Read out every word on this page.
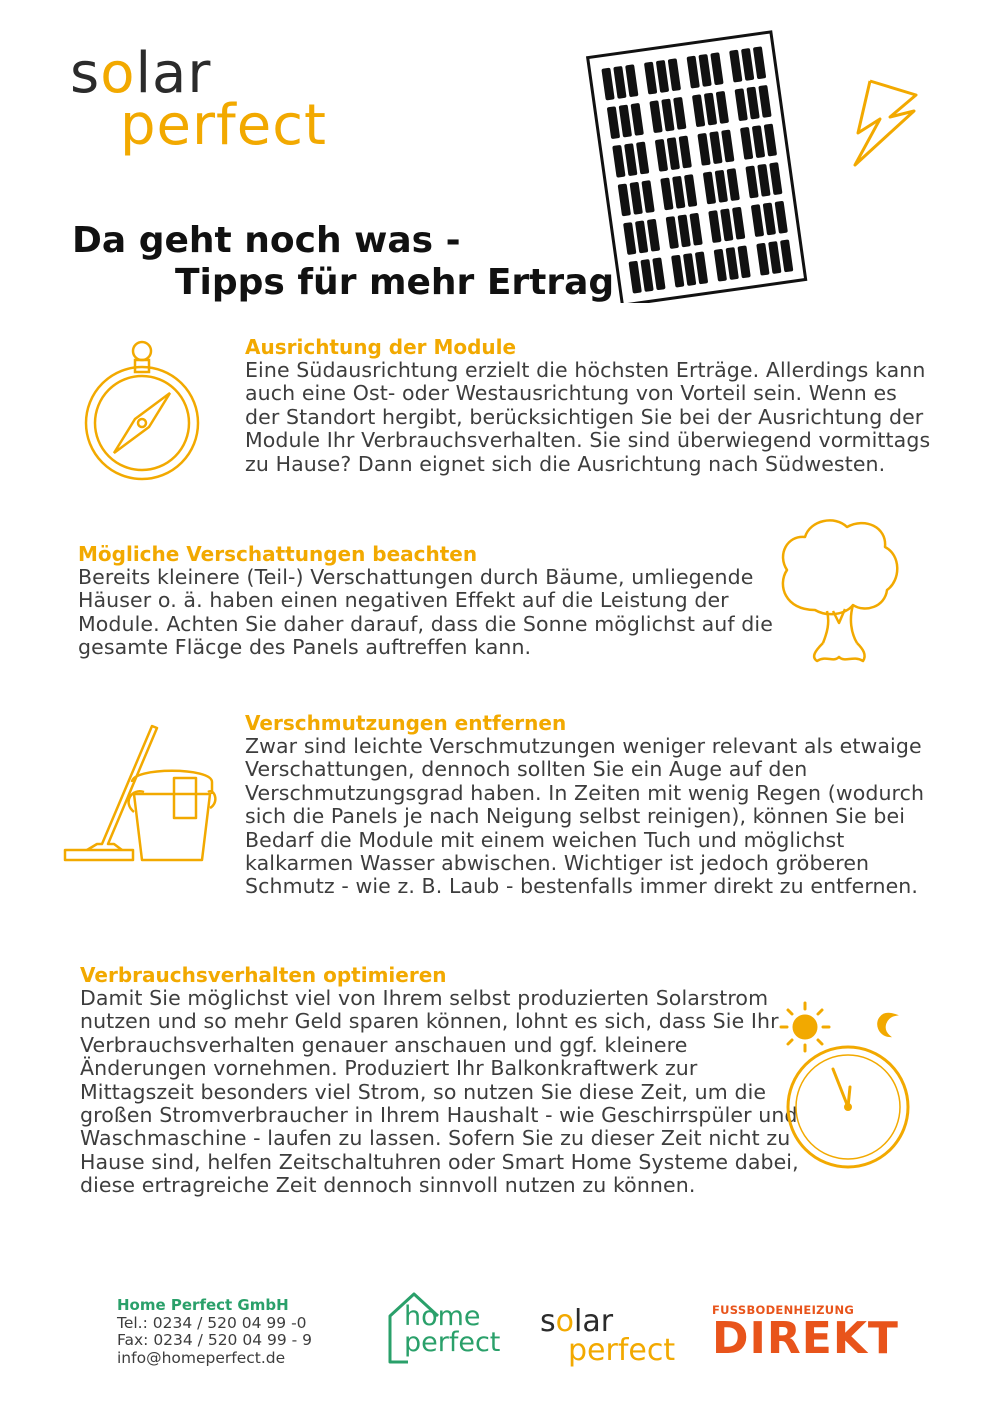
solar
perfect
Da geht noch was -
Tipps für mehr Ertrag
Ausrichtung der Module
Eine Südausrichtung erzielt die höchsten Erträge. Allerdings kann auch eine Ost- oder Westausrichtung von Vorteil sein. Wenn es der Standort hergibt, berücksichtigen Sie bei der Ausrichtung der Module Ihr Verbrauchsverhalten. Sie sind überwiegend vormittags zu Hause? Dann eignet sich die Ausrichtung nach Südwesten.
Mögliche Verschattungen beachten
Bereits kleinere (Teil-) Verschattungen durch Bäume, umliegende Häuser o. ä. haben einen negativen Effekt auf die Leistung der Module. Achten Sie daher darauf, dass die Sonne möglichst auf die gesamte Fläcge des Panels auftreffen kann.
Verschmutzungen entfernen
Zwar sind leichte Verschmutzungen weniger relevant als etwaige Verschattungen, dennoch sollten Sie ein Auge auf den Verschmutzungsgrad haben. In Zeiten mit wenig Regen (wodurch sich die Panels je nach Neigung selbst reinigen), können Sie bei Bedarf die Module mit einem weichen Tuch und möglichst kalkarmen Wasser abwischen. Wichtiger ist jedoch gröberen Schmutz - wie z. B. Laub - bestenfalls immer direkt zu entfernen.
Verbrauchsverhalten optimieren
Damit Sie möglichst viel von Ihrem selbst produzierten Solarstrom nutzen und so mehr Geld sparen können, lohnt es sich, dass Sie Ihr Verbrauchsverhalten genauer anschauen und ggf. kleinere Änderungen vornehmen. Produziert Ihr Balkonkraftwerk zur Mittagszeit besonders viel Strom, so nutzen Sie diese Zeit, um die großen Stromverbraucher in Ihrem Haushalt - wie Geschirrspüler und Waschmaschine - laufen zu lassen. Sofern Sie zu dieser Zeit nicht zu Hause sind, helfen Zeitschaltuhren oder Smart Home Systeme dabei, diese ertragreiche Zeit dennoch sinnvoll nutzen zu können.
Home Perfect GmbH
Tel.: 0234 / 520 04 99 -0
Fax: 0234 / 520 04 99 - 9
info@homeperfect.de
home
perfect
solar
perfect
FUSSBODENHEIZUNG
DIREKT
